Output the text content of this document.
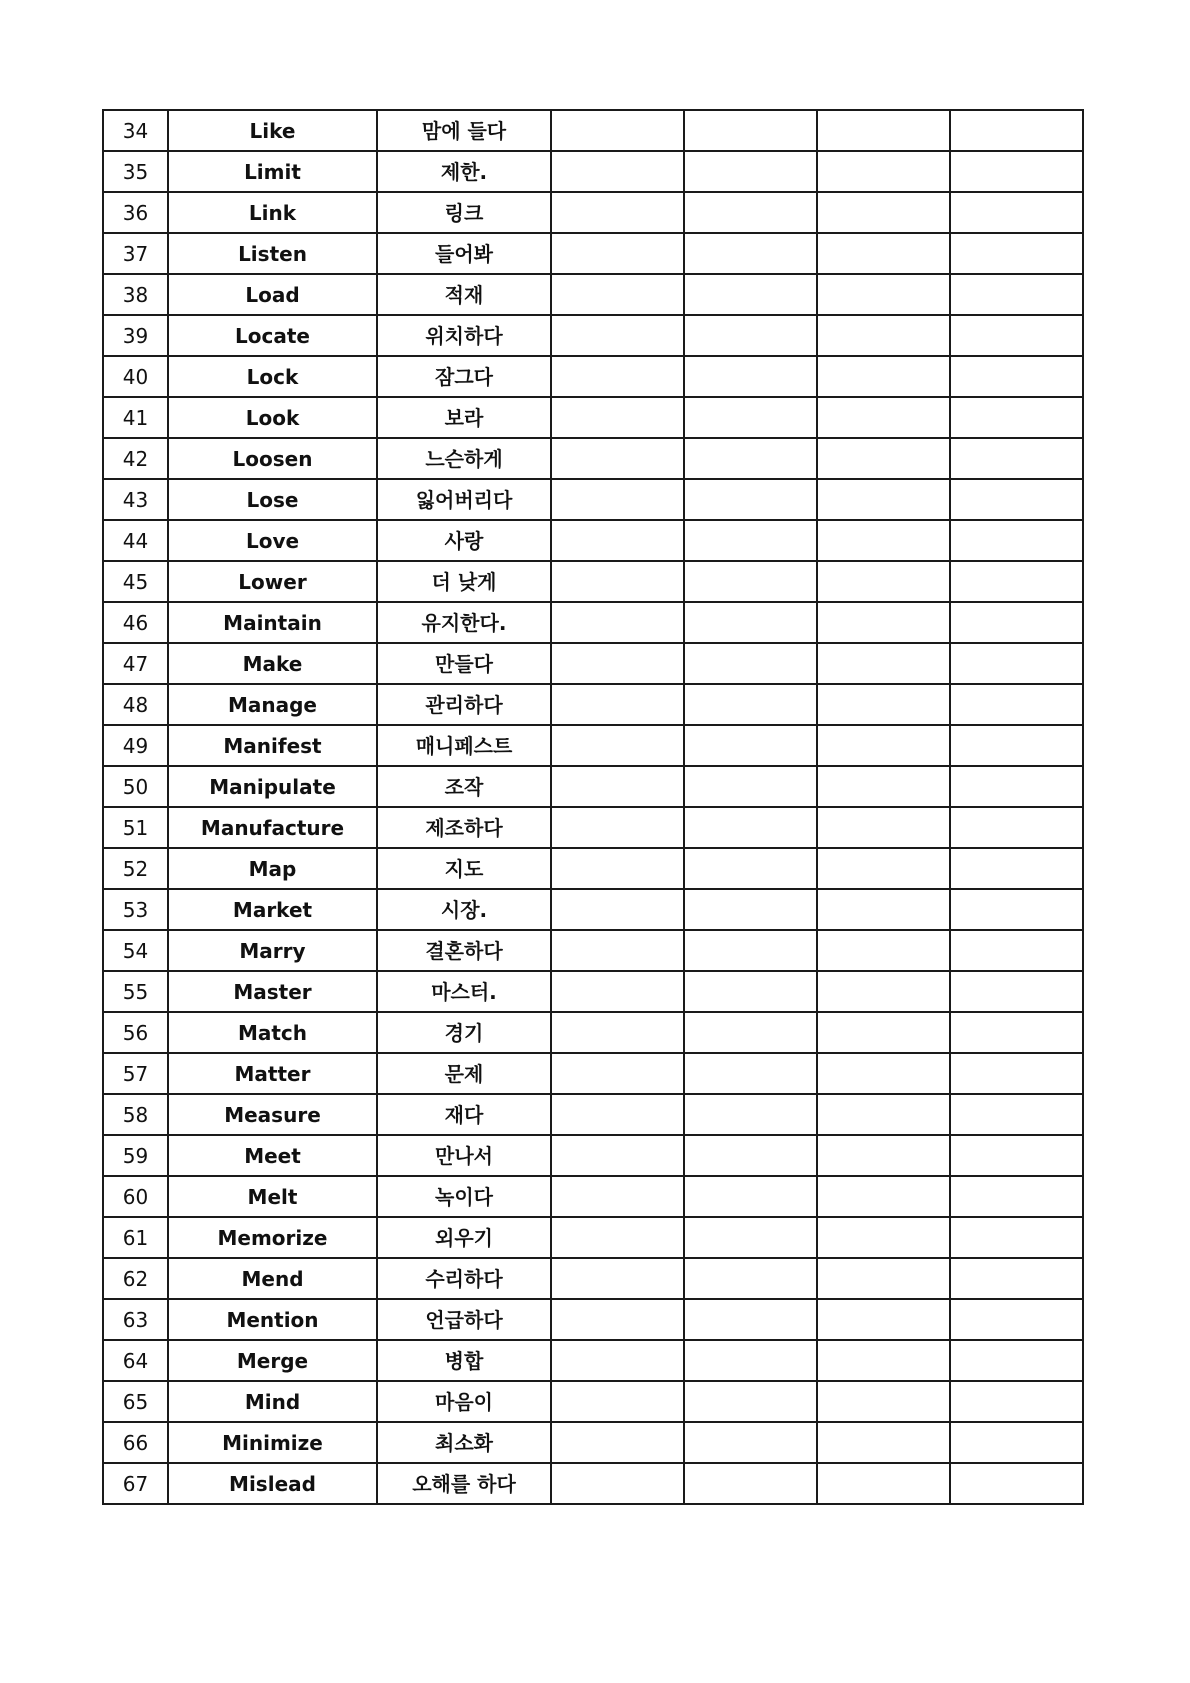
34	Like	맘에 들다				
35	Limit	제한.				
36	Link	링크				
37	Listen	들어봐				
38	Load	적재				
39	Locate	위치하다				
40	Lock	잠그다				
41	Look	보라				
42	Loosen	느슨하게				
43	Lose	잃어버리다				
44	Love	사랑				
45	Lower	더 낮게				
46	Maintain	유지한다.				
47	Make	만들다				
48	Manage	관리하다				
49	Manifest	매니페스트				
50	Manipulate	조작				
51	Manufacture	제조하다				
52	Map	지도				
53	Market	시장.				
54	Marry	결혼하다				
55	Master	마스터.				
56	Match	경기				
57	Matter	문제				
58	Measure	재다				
59	Meet	만나서				
60	Melt	녹이다				
61	Memorize	외우기				
62	Mend	수리하다				
63	Mention	언급하다				
64	Merge	병합				
65	Mind	마음이				
66	Minimize	최소화				
67	Mislead	오해를 하다				
